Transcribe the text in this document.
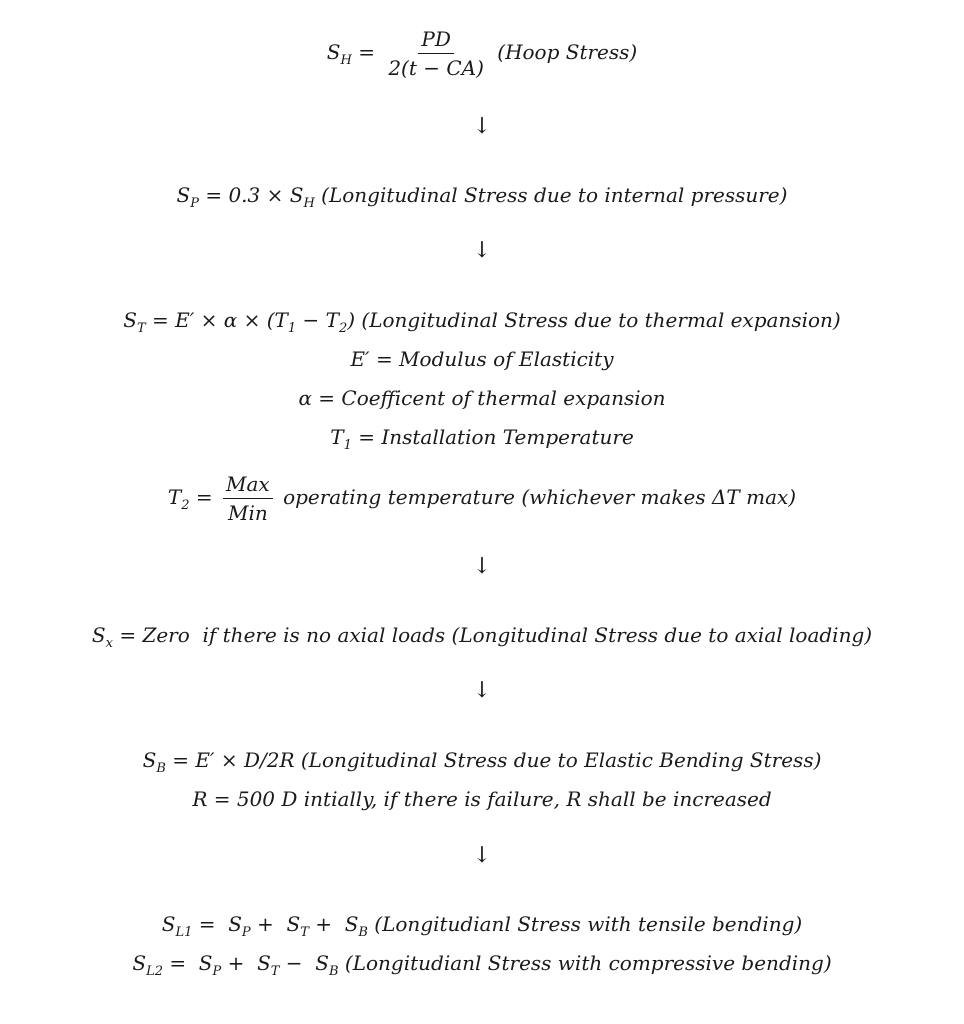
$S_H = \frac{PD}{2(t - CA)}$ (Hoop Stress)
↓
$S_P = 0.3 \times S_H$ (Longitudinal Stress due to internal pressure)
↓
$S_T = E' \times \alpha \times (T_1 - T_2)$ (Longitudinal Stress due to thermal expansion)
E′ = Modulus of Elasticity
α = Coefficent of thermal expansion
$T_1$ = Installation Temperature
$T_2 = \frac{\text{Max}}{\text{Min}}$ operating temperature (whichever makes ΔT max)
↓
$S_x$ = Zero  if there is no axial loads (Longitudinal Stress due to axial loading)
↓
$S_B = E' \times D/2R$ (Longitudinal Stress due to Elastic Bending Stress)
R = 500 D intially, if there is failure, R shall be increased
↓
$S_{L1} = S_P + S_T + S_B$ (Longitudianl Stress with tensile bending)
$S_{L2} = S_P + S_T - S_B$ (Longitudianl Stress with compressive bending)
